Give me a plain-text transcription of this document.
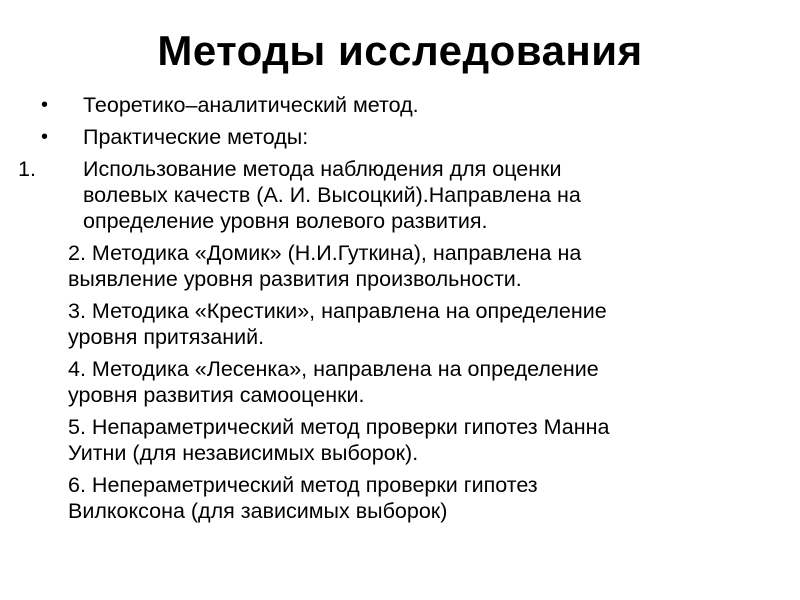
Методы исследования
• Теоретико–аналитический метод.
• Практические методы:
1. Использование метода наблюдения для оценки
волевых качеств (А. И. Высоцкий).Направлена на
определение уровня волевого развития.
2. Методика «Домик» (Н.И.Гуткина), направлена на
выявление уровня развития произвольности.
3. Методика «Крестики», направлена на определение
уровня притязаний.
4. Методика «Лесенка», направлена на определение
уровня развития самооценки.
5. Непараметрический метод проверки гипотез Манна
Уитни (для независимых выборок).
6. Непераметрический метод проверки гипотез
Вилкоксона (для зависимых выборок)
